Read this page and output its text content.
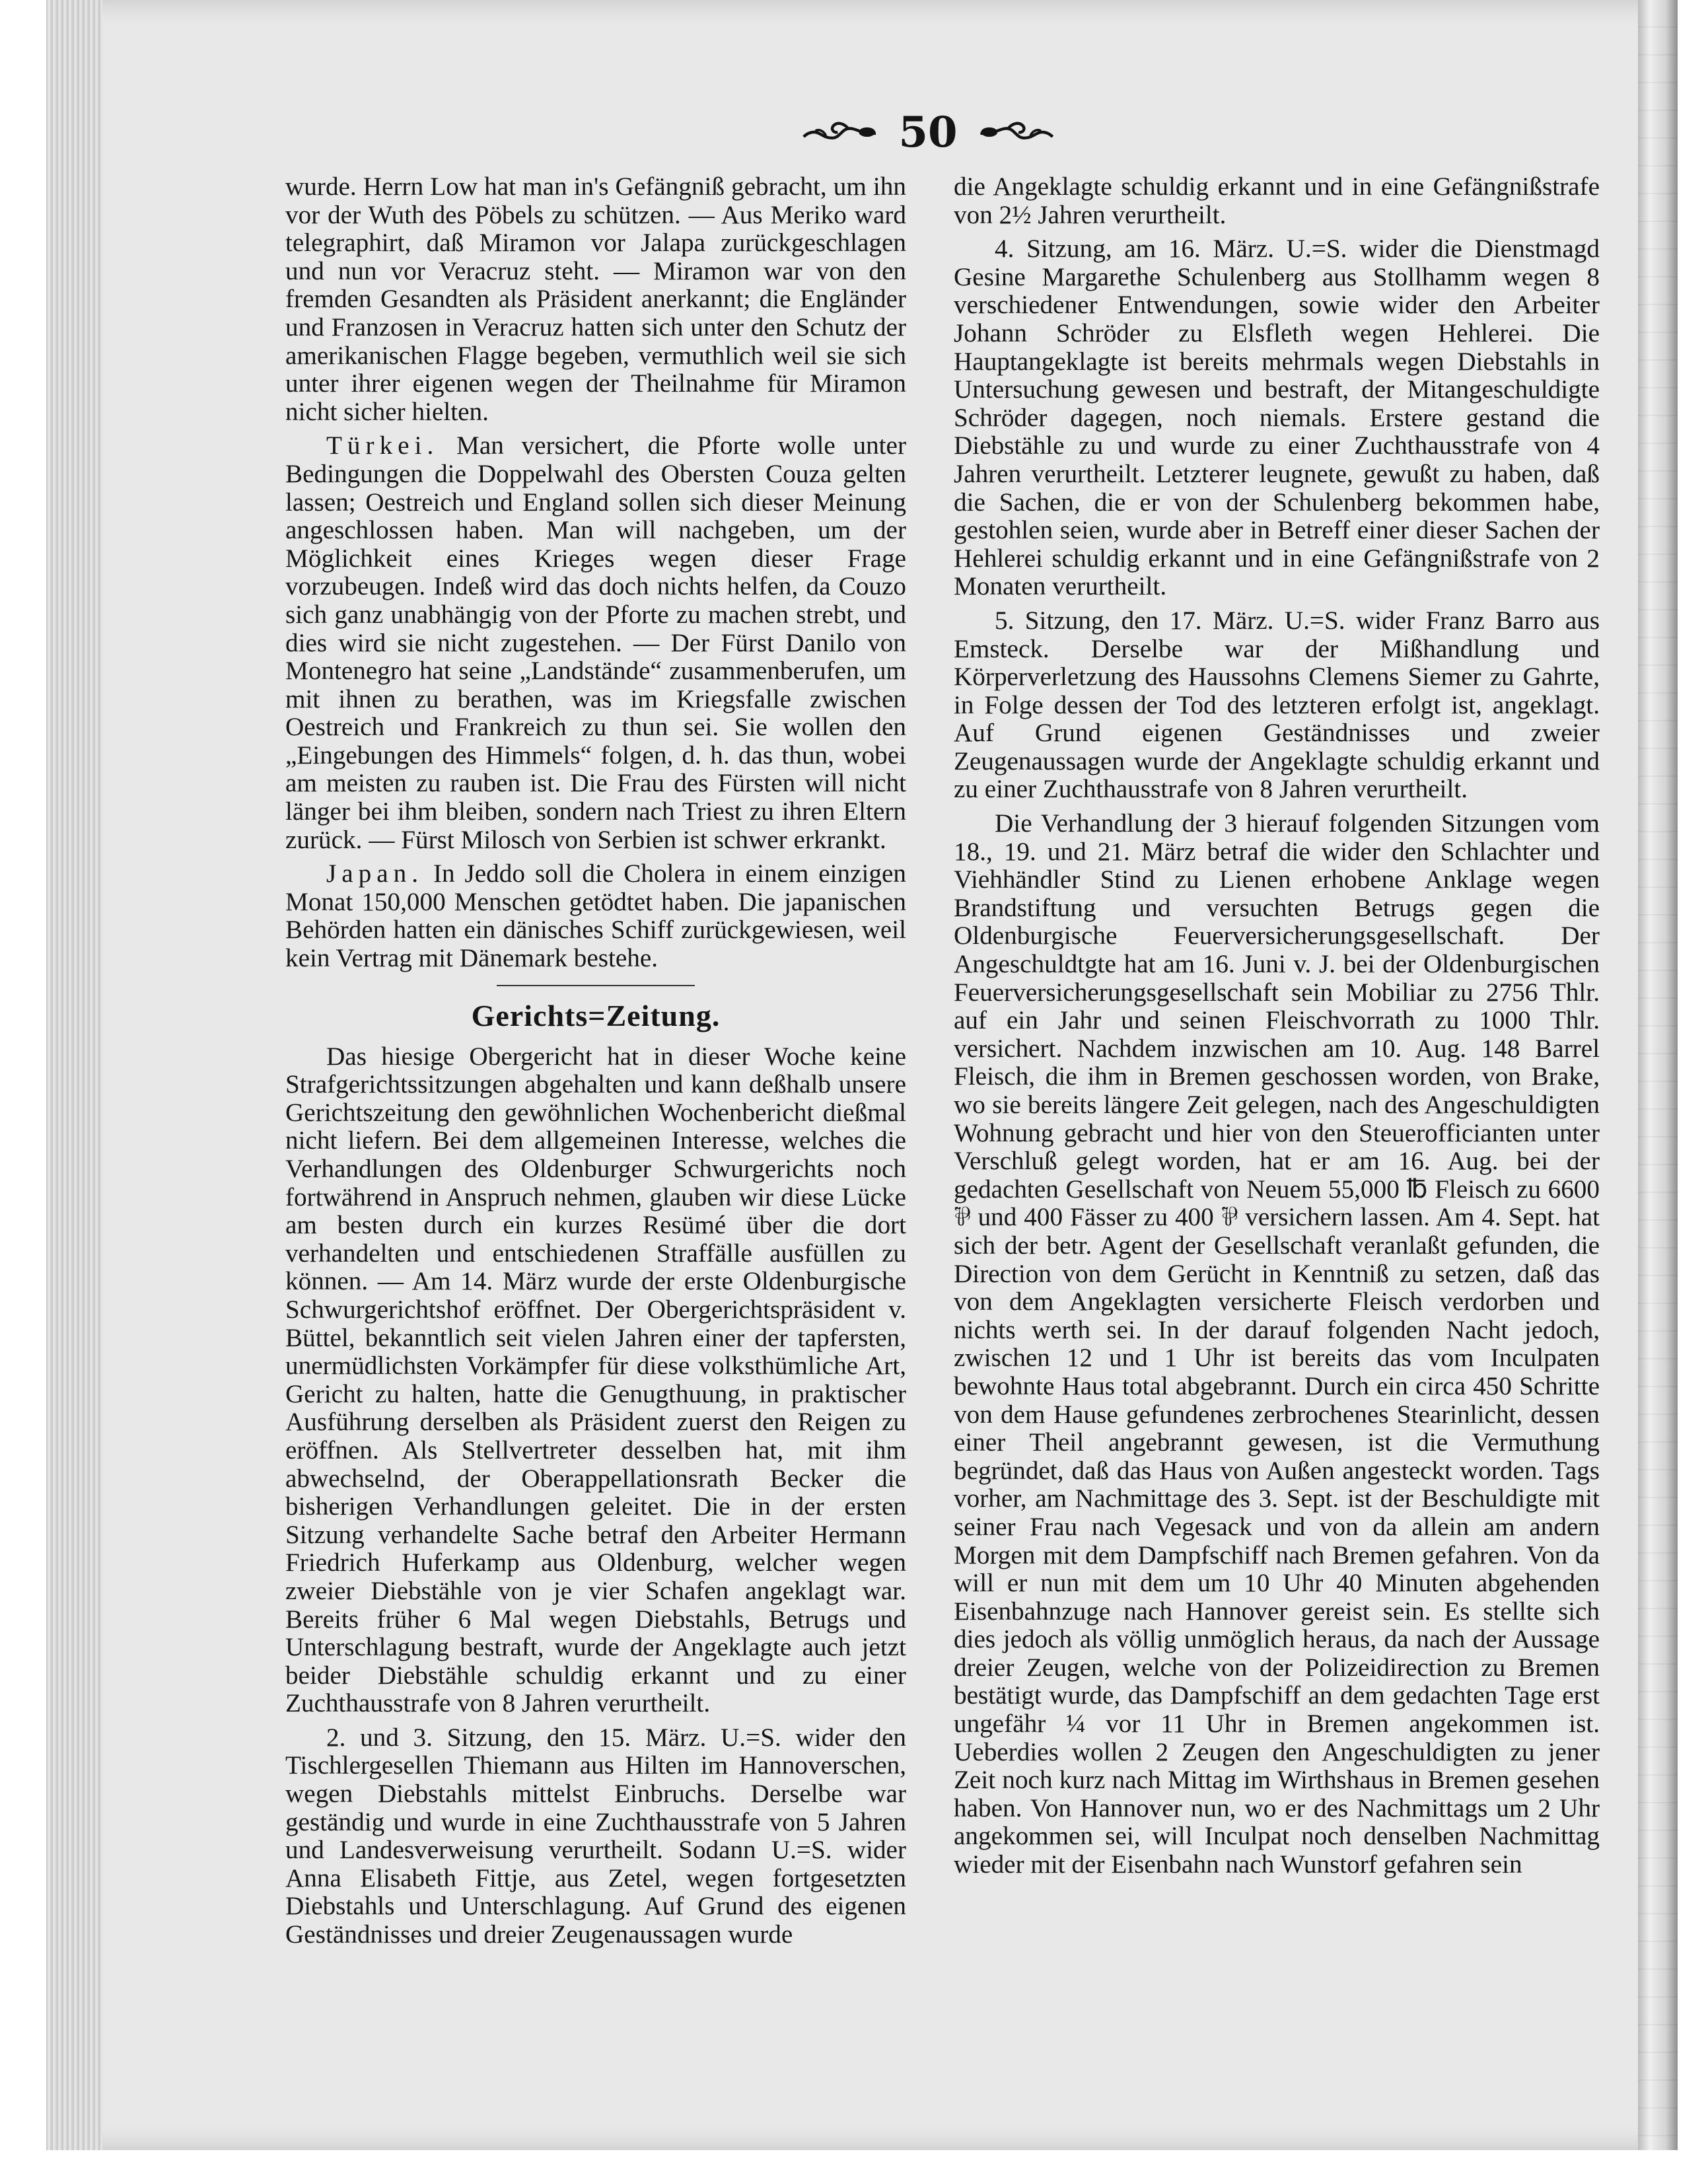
50

wurde. Herrn Low hat man in's Gefängniß gebracht, um ihn vor der Wuth des Pöbels zu schützen. — Aus Meriko ward telegraphirt, daß Miramon vor Jalapa zurückgeschlagen und nun vor Veracruz steht. — Miramon war von den fremden Gesandten als Präsident anerkannt; die Engländer und Franzosen in Veracruz hatten sich unter den Schutz der amerikanischen Flagge begeben, vermuthlich weil sie sich unter ihrer eigenen wegen der Theilnahme für Miramon nicht sicher hielten.

Türkei. Man versichert, die Pforte wolle unter Bedingungen die Doppelwahl des Obersten Couza gelten lassen; Oestreich und England sollen sich dieser Meinung angeschlossen haben. Man will nachgeben, um der Möglichkeit eines Krieges wegen dieser Frage vorzubeugen. Indeß wird das doch nichts helfen, da Couzo sich ganz unabhängig von der Pforte zu machen strebt, und dies wird sie nicht zugestehen. — Der Fürst Danilo von Montenegro hat seine „Landstände“ zusammenberufen, um mit ihnen zu berathen, was im Kriegsfalle zwischen Oestreich und Frankreich zu thun sei. Sie wollen den „Eingebungen des Himmels“ folgen, d. h. das thun, wobei am meisten zu rauben ist. Die Frau des Fürsten will nicht länger bei ihm bleiben, sondern nach Triest zu ihren Eltern zurück. — Fürst Milosch von Serbien ist schwer erkrankt.

Japan. In Jeddo soll die Cholera in einem einzigen Monat 150,000 Menschen getödtet haben. Die japanischen Behörden hatten ein dänisches Schiff zurückgewiesen, weil kein Vertrag mit Dänemark bestehe.

Gerichts=Zeitung.

Das hiesige Obergericht hat in dieser Woche keine Strafgerichtssitzungen abgehalten und kann deßhalb unsere Gerichtszeitung den gewöhnlichen Wochenbericht dießmal nicht liefern. Bei dem allgemeinen Interesse, welches die Verhandlungen des Oldenburger Schwurgerichts noch fortwährend in Anspruch nehmen, glauben wir diese Lücke am besten durch ein kurzes Resümé über die dort verhandelten und entschiedenen Straffälle ausfüllen zu können. — Am 14. März wurde der erste Oldenburgische Schwurgerichtshof eröffnet. Der Obergerichtspräsident v. Büttel, bekanntlich seit vielen Jahren einer der tapfersten, unermüdlichsten Vorkämpfer für diese volksthümliche Art, Gericht zu halten, hatte die Genugthuung, in praktischer Ausführung derselben als Präsident zuerst den Reigen zu eröffnen. Als Stellvertreter desselben hat, mit ihm abwechselnd, der Oberappellationsrath Becker die bisherigen Verhandlungen geleitet. Die in der ersten Sitzung verhandelte Sache betraf den Arbeiter Hermann Friedrich Huferkamp aus Oldenburg, welcher wegen zweier Diebstähle von je vier Schafen angeklagt war. Bereits früher 6 Mal wegen Diebstahls, Betrugs und Unterschlagung bestraft, wurde der Angeklagte auch jetzt beider Diebstähle schuldig erkannt und zu einer Zuchthausstrafe von 8 Jahren verurtheilt.

2. und 3. Sitzung, den 15. März. U.=S. wider den Tischlergesellen Thiemann aus Hilten im Hannoverschen, wegen Diebstahls mittelst Einbruchs. Derselbe war geständig und wurde in eine Zuchthausstrafe von 5 Jahren und Landesverweisung verurtheilt. Sodann U.=S. wider Anna Elisabeth Fittje, aus Zetel, wegen fortgesetzten Diebstahls und Unterschlagung. Auf Grund des eigenen Geständnisses und dreier Zeugenaussagen wurde

die Angeklagte schuldig erkannt und in eine Gefängnißstrafe von 2½ Jahren verurtheilt.

4. Sitzung, am 16. März. U.=S. wider die Dienstmagd Gesine Margarethe Schulenberg aus Stollhamm wegen 8 verschiedener Entwendungen, sowie wider den Arbeiter Johann Schröder zu Elsfleth wegen Hehlerei. Die Hauptangeklagte ist bereits mehrmals wegen Diebstahls in Untersuchung gewesen und bestraft, der Mitangeschuldigte Schröder dagegen, noch niemals. Erstere gestand die Diebstähle zu und wurde zu einer Zuchthausstrafe von 4 Jahren verurtheilt. Letzterer leugnete, gewußt zu haben, daß die Sachen, die er von der Schulenberg bekommen habe, gestohlen seien, wurde aber in Betreff einer dieser Sachen der Hehlerei schuldig erkannt und in eine Gefängnißstrafe von 2 Monaten verurtheilt.

5. Sitzung, den 17. März. U.=S. wider Franz Barro aus Emsteck. Derselbe war der Mißhandlung und Körperverletzung des Haussohns Clemens Siemer zu Gahrte, in Folge dessen der Tod des letzteren erfolgt ist, angeklagt. Auf Grund eigenen Geständnisses und zweier Zeugenaussagen wurde der Angeklagte schuldig erkannt und zu einer Zuchthausstrafe von 8 Jahren verurtheilt.

Die Verhandlung der 3 hierauf folgenden Sitzungen vom 18., 19. und 21. März betraf die wider den Schlachter und Viehhändler Stind zu Lienen erhobene Anklage wegen Brandstiftung und versuchten Betrugs gegen die Oldenburgische Feuerversicherungsgesellschaft. Der Angeschuldtgte hat am 16. Juni v. J. bei der Oldenburgischen Feuerversicherungsgesellschaft sein Mobiliar zu 2756 Thlr. auf ein Jahr und seinen Fleischvorrath zu 1000 Thlr. versichert. Nachdem inzwischen am 10. Aug. 148 Barrel Fleisch, die ihm in Bremen geschossen worden, von Brake, wo sie bereits längere Zeit gelegen, nach des Angeschuldigten Wohnung gebracht und hier von den Steuerofficianten unter Verschluß gelegt worden, hat er am 16. Aug. bei der gedachten Gesellschaft von Neuem 55,000 ℔ Fleisch zu 6600 ⅌ und 400 Fässer zu 400 ⅌ versichern lassen. Am 4. Sept. hat sich der betr. Agent der Gesellschaft veranlaßt gefunden, die Direction von dem Gerücht in Kenntniß zu setzen, daß das von dem Angeklagten versicherte Fleisch verdorben und nichts werth sei. In der darauf folgenden Nacht jedoch, zwischen 12 und 1 Uhr ist bereits das vom Inculpaten bewohnte Haus total abgebrannt. Durch ein circa 450 Schritte von dem Hause gefundenes zerbrochenes Stearinlicht, dessen einer Theil angebrannt gewesen, ist die Vermuthung begründet, daß das Haus von Außen angesteckt worden. Tags vorher, am Nachmittage des 3. Sept. ist der Beschuldigte mit seiner Frau nach Vegesack und von da allein am andern Morgen mit dem Dampfschiff nach Bremen gefahren. Von da will er nun mit dem um 10 Uhr 40 Minuten abgehenden Eisenbahnzuge nach Hannover gereist sein. Es stellte sich dies jedoch als völlig unmöglich heraus, da nach der Aussage dreier Zeugen, welche von der Polizeidirection zu Bremen bestätigt wurde, das Dampfschiff an dem gedachten Tage erst ungefähr ¼ vor 11 Uhr in Bremen angekommen ist. Ueberdies wollen 2 Zeugen den Angeschuldigten zu jener Zeit noch kurz nach Mittag im Wirthshaus in Bremen gesehen haben. Von Hannover nun, wo er des Nachmittags um 2 Uhr angekommen sei, will Inculpat noch denselben Nachmittag wieder mit der Eisenbahn nach Wunstorf gefahren sein
